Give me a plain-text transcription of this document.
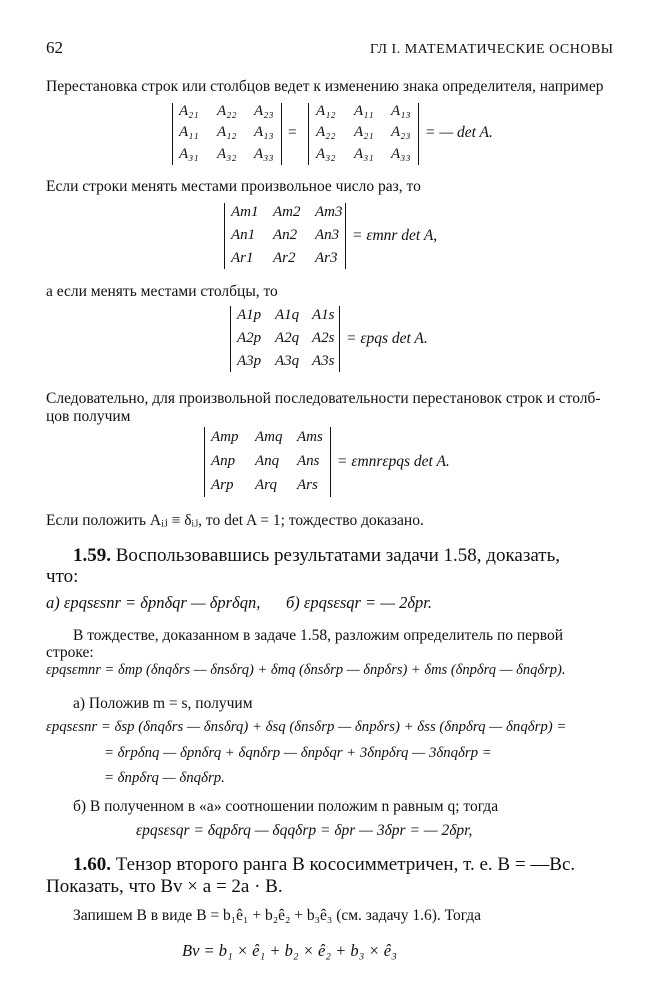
62	ГЛ І. МАТЕМАТИЧЕСКИЕ ОСНОВЫ
Перестановка строк или столбцов ведет к изменению знака определителя, например
A₂₁ A₂₂ A₂₃
A₁₁ A₁₂ A₁₃
A₃₁ A₃₂ A₃₃
=
A₁₂ A₁₁ A₁₃
A₂₂ A₂₁ A₂₃
A₃₂ A₃₁ A₃₃
= — det A.
Если строки менять местами произвольное число раз, то
Am1 Am2 Am3
An1 An2 An3
Ar1 Ar2 Ar3
= εmnr det A,
а если менять местами столбцы, то
A1p A1q A1s
A2p A2q A2s
A3p A3q A3s
= εpqs det A.
Следовательно, для произвольной последовательности перестановок строк и столб-
цов получим
Amp Amq Ams
Anp Anq Ans
Arp Arq Ars
= εmnrεpqs det A.
Если положить Aᵢⱼ ≡ δᵢⱼ, то det A = 1; тождество доказано.
1.59. Воспользовавшись результатами задачи 1.58, доказать,
что:
а) εpqsεsnr = δpnδqr — δprδqn, б) εpqsεsqr = — 2δpr.
В тождестве, доказанном в задаче 1.58, разложим определитель по первой
строке:
εpqsεmnr = δmp (δnqδrs — δnsδrq) + δmq (δnsδrp — δnpδrs) + δms (δnpδrq — δnqδrp).
а) Положив m = s, получим
εpqsεsnr = δsp (δnqδrs — δnsδrq) + δsq (δnsδrp — δnpδrs) + δss (δnpδrq — δnqδrp) =
= δrpδnq — δpnδrq + δqnδrp — δnpδqr + 3δnpδrq — 3δnqδrp =
= δnpδrq — δnqδrp.
б) В полученном в «а» соотношении положим n равным q; тогда
εpqsεsqr = δqpδrq — δqqδrp = δpr — 3δpr = — 2δpr,
1.60. Тензор второго ранга B кососимметричен, т. е. B = —Bc.
Показать, что Bv × a = 2a · B.
Запишем B в виде B = b₁ê₁ + b₂ê₂ + b₃ê₃ (см. задачу 1.6). Тогда
Bv = b₁ × ê₁ + b₂ × ê₂ + b₃ × ê₃
